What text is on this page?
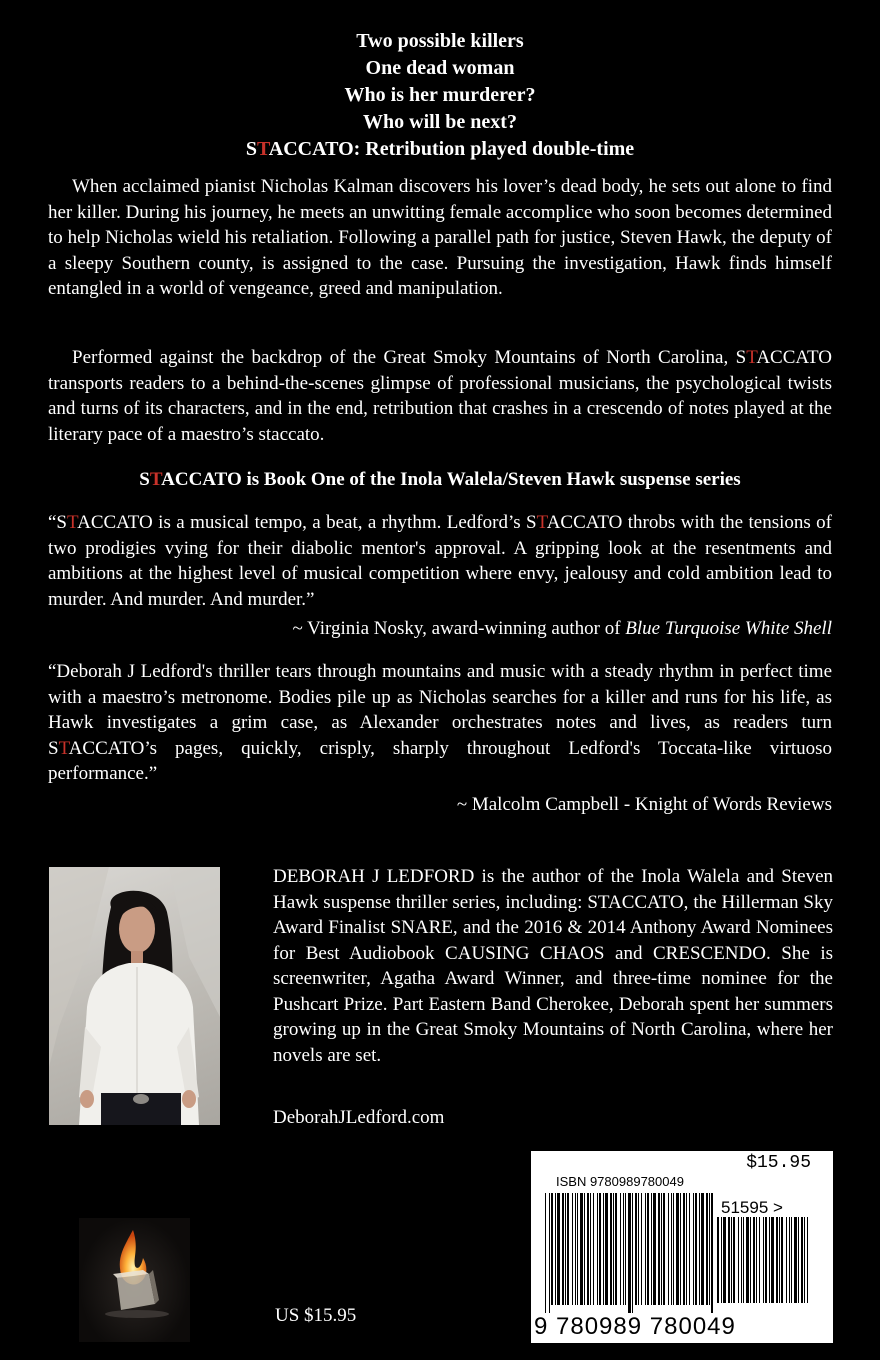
Two possible killers
One dead woman
Who is her murderer?
Who will be next?
STACCATO: Retribution played double-time

When acclaimed pianist Nicholas Kalman discovers his lover’s dead body, he sets out alone to find her killer. During his journey, he meets an unwitting female accomplice who soon becomes determined to help Nicholas wield his retaliation. Following a parallel path for justice, Steven Hawk, the deputy of a sleepy Southern county, is assigned to the case. Pursuing the investigation, Hawk finds himself entangled in a world of vengeance, greed and manipulation.

Performed against the backdrop of the Great Smoky Mountains of North Carolina, STACCATO transports readers to a behind-the-scenes glimpse of professional musicians, the psychological twists and turns of its characters, and in the end, retribution that crashes in a crescendo of notes played at the literary pace of a maestro’s staccato.

STACCATO is Book One of the Inola Walela/Steven Hawk suspense series

“STACCATO is a musical tempo, a beat, a rhythm. Ledford’s STACCATO throbs with the tensions of two prodigies vying for their diabolic mentor's approval. A gripping look at the resentments and ambitions at the highest level of musical competition where envy, jealousy and cold ambition lead to murder. And murder. And murder.”

~ Virginia Nosky, award-winning author of Blue Turquoise White Shell

“Deborah J Ledford's thriller tears through mountains and music with a steady rhythm in perfect time with a maestro’s metronome. Bodies pile up as Nicholas searches for a killer and runs for his life, as Hawk investigates a grim case, as Alexander orchestrates notes and lives, as readers turn STACCATO’s pages, quickly, crisply, sharply throughout Ledford's Toccata-like virtuoso performance.”

~ Malcolm Campbell - Knight of Words Reviews

DEBORAH J LEDFORD is the author of the Inola Walela and Steven Hawk suspense thriller series, including: STACCATO, the Hillerman Sky Award Finalist SNARE, and the 2016 & 2014 Anthony Award Nominees for Best Audiobook CAUSING CHAOS and CRESCENDO. She is screenwriter, Agatha Award Winner, and three-time nominee for the Pushcart Prize. Part Eastern Band Cherokee, Deborah spent her summers growing up in the Great Smoky Mountains of North Carolina, where her novels are set.

DeborahJLedford.com
$15.95
ISBN 9780989780049
51595 >
9 780989 780049
US $15.95
